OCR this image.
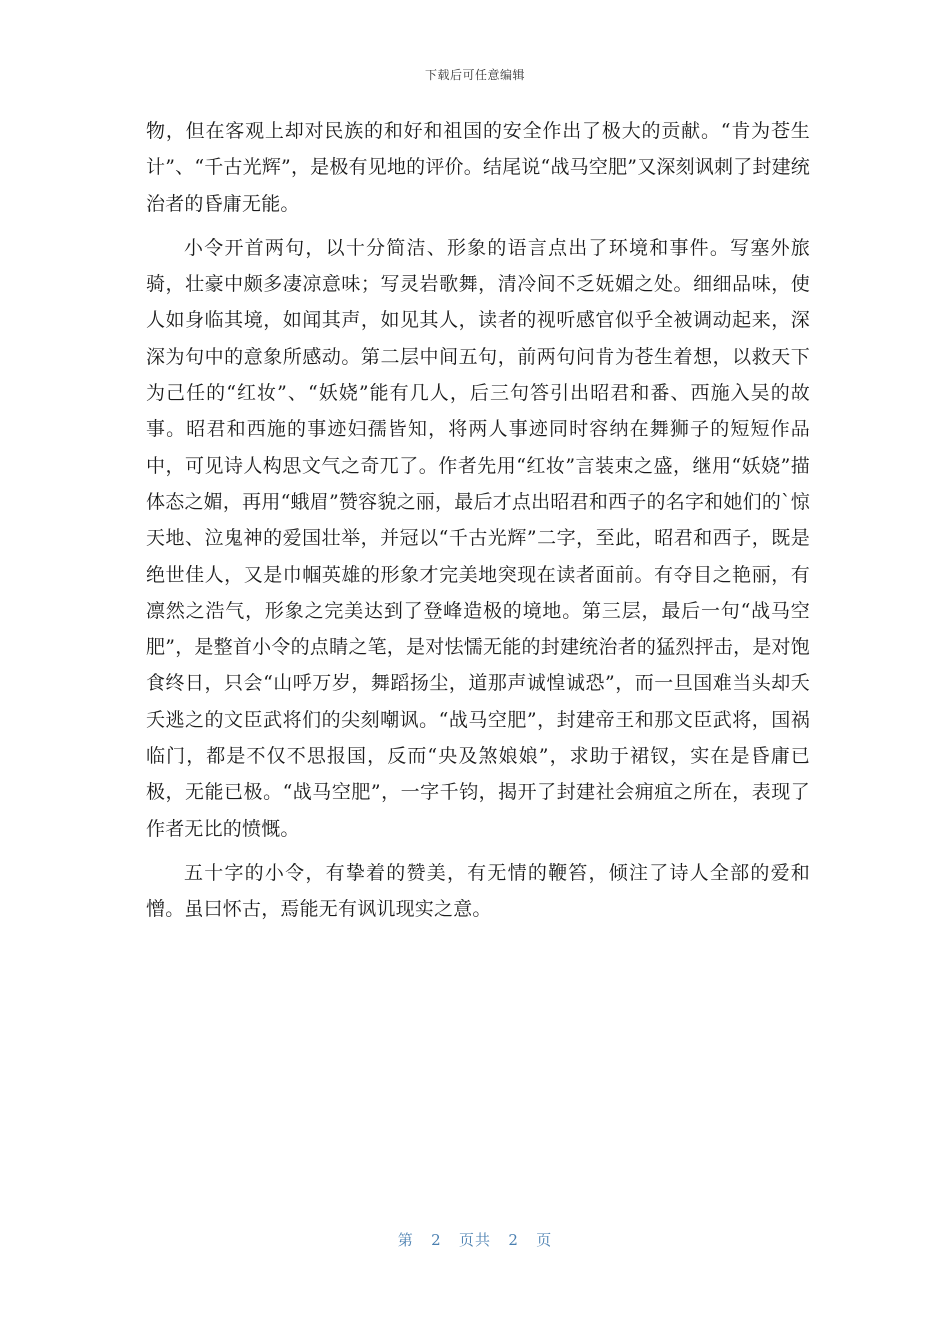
下载后可任意编辑

物，但在客观上却对民族的和好和祖国的安全作出了极大的贡献。“肯为苍生计”、“千古光辉”，是极有见地的评价。结尾说“战马空肥”又深刻讽刺了封建统治者的昏庸无能。

小令开首两句，以十分简洁、形象的语言点出了环境和事件。写塞外旅骑，壮豪中颇多凄凉意味；写灵岩歌舞，清冷间不乏妩媚之处。细细品味，使人如身临其境，如闻其声，如见其人，读者的视听感官似乎全被调动起来，深深为句中的意象所感动。第二层中间五句，前两句问肯为苍生着想，以救天下为己任的“红妆”、“妖娆”能有几人，后三句答引出昭君和番、西施入吴的故事。昭君和西施的事迹妇孺皆知，将两人事迹同时容纳在舞狮子的短短作品中，可见诗人构思文气之奇兀了。作者先用“红妆”言装束之盛，继用“妖娆”描体态之媚，再用“蛾眉”赞容貌之丽，最后才点出昭君和西子的名字和她们的`惊天地、泣鬼神的爱国壮举，并冠以“千古光辉”二字，至此，昭君和西子，既是绝世佳人，又是巾帼英雄的形象才完美地突现在读者面前。有夺目之艳丽，有凛然之浩气，形象之完美达到了登峰造极的境地。第三层，最后一句“战马空肥”，是整首小令的点睛之笔，是对怯懦无能的封建统治者的猛烈抨击，是对饱食终日，只会“山呼万岁，舞蹈扬尘，道那声诚惶诚恐”，而一旦国难当头却夭夭逃之的文臣武将们的尖刻嘲讽。“战马空肥”，封建帝王和那文臣武将，国祸临门，都是不仅不思报国，反而“央及煞娘娘”，求助于裙钗，实在是昏庸已极，无能已极。“战马空肥”，一字千钧，揭开了封建社会痈疽之所在，表现了作者无比的愤慨。

五十字的小令，有挚着的赞美，有无情的鞭笞，倾注了诗人全部的爱和憎。虽曰怀古，焉能无有讽讥现实之意。

第 2 页共 2 页
